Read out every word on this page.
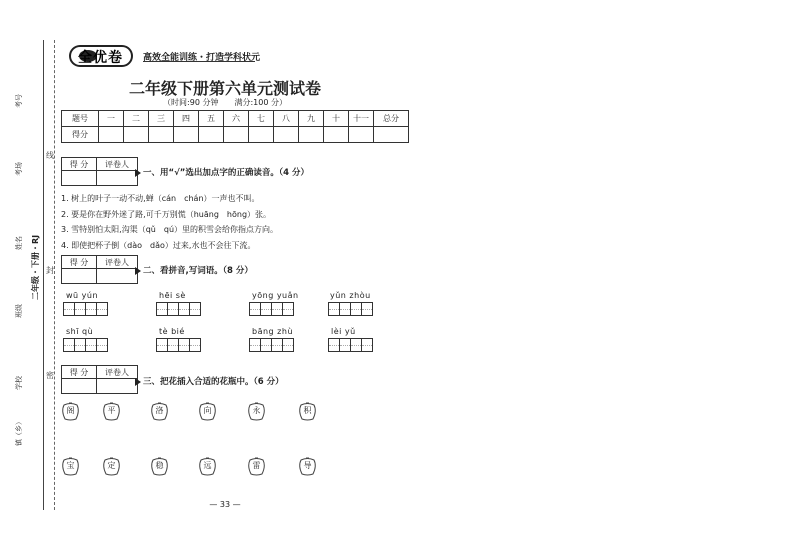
考号
考场
姓名 二年级・下册・RJ
班级
学校
镇（乡）
线
封
密
全优卷 高效全能训练・打造学科状元
二年级下册第六单元测试卷
（时间:90 分钟　　满分:100 分）
题号	一	二	三	四	五	六	七	八	九	十	十一	总分
得分												
得 分	评卷人

一、用“√”选出加点字的正确读音。（4 分）
1. 树上的叶子一动不动,蝉（cán　chán）一声也不叫。
2. 要是你在野外迷了路,可千万别慌（huāng　hōng）张。
3. 雪特别怕太阳,沟渠（qǔ　qú）里的积雪会给你指点方向。
4. 即使把杯子倒（dào　dǎo）过来,水也不会往下流。
得 分	评卷人

二、看拼音,写词语。（8 分）
wū yún	hēi sè	yōng yuǎn	yǔn zhòu
shī qù	tè bié	bāng zhù	lèi yǔ
得 分	评卷人

三、把花插入合适的花瓶中。（6 分）
阁	平	洛	向	永	积
宝	定	稳	远	雷	导
— 33 —
